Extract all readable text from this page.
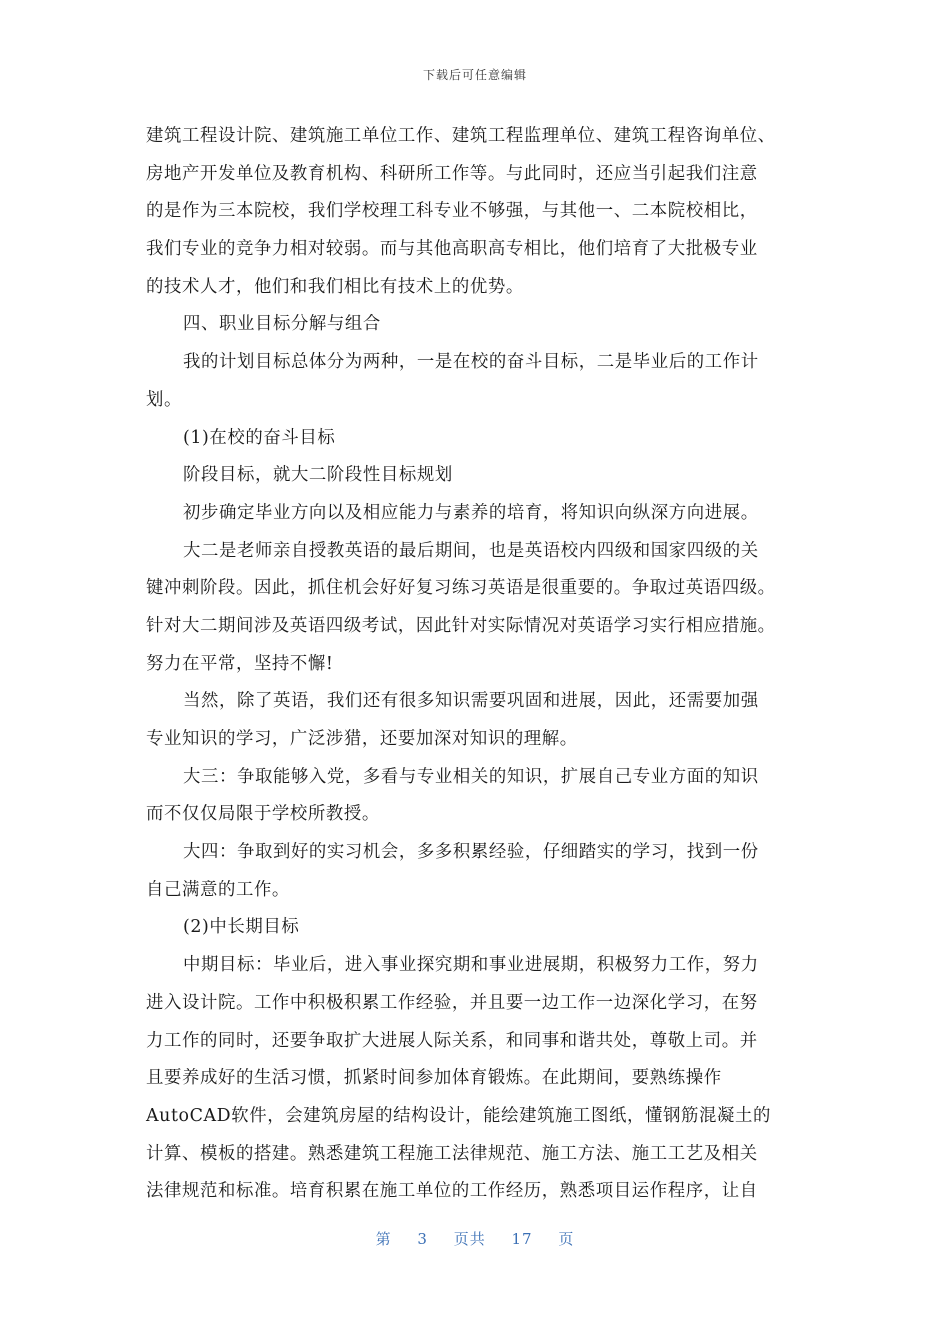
下载后可任意编辑
建筑工程设计院、建筑施工单位工作、建筑工程监理单位、建筑工程咨询单位、
房地产开发单位及教育机构、科研所工作等。与此同时，还应当引起我们注意
的是作为三本院校，我们学校理工科专业不够强，与其他一、二本院校相比，
我们专业的竞争力相对较弱。而与其他高职高专相比，他们培育了大批极专业
的技术人才，他们和我们相比有技术上的优势。
四、职业目标分解与组合
我的计划目标总体分为两种，一是在校的奋斗目标，二是毕业后的工作计
划。
(1)在校的奋斗目标
阶段目标，就大二阶段性目标规划
初步确定毕业方向以及相应能力与素养的培育，将知识向纵深方向进展。
大二是老师亲自授教英语的最后期间，也是英语校内四级和国家四级的关
键冲刺阶段。因此，抓住机会好好复习练习英语是很重要的。争取过英语四级。
针对大二期间涉及英语四级考试，因此针对实际情况对英语学习实行相应措施。
努力在平常，坚持不懈!
当然，除了英语，我们还有很多知识需要巩固和进展，因此，还需要加强
专业知识的学习，广泛涉猎，还要加深对知识的理解。
大三：争取能够入党，多看与专业相关的知识，扩展自己专业方面的知识
而不仅仅局限于学校所教授。
大四：争取到好的实习机会，多多积累经验，仔细踏实的学习，找到一份
自己满意的工作。
(2)中长期目标
中期目标：毕业后，进入事业探究期和事业进展期，积极努力工作，努力
进入设计院。工作中积极积累工作经验，并且要一边工作一边深化学习，在努
力工作的同时，还要争取扩大进展人际关系，和同事和谐共处，尊敬上司。并
且要养成好的生活习惯，抓紧时间参加体育锻炼。在此期间，要熟练操作
AutoCAD软件，会建筑房屋的结构设计，能绘建筑施工图纸，懂钢筋混凝土的
计算、模板的搭建。熟悉建筑工程施工法律规范、施工方法、施工工艺及相关
法律规范和标准。培育积累在施工单位的工作经历，熟悉项目运作程序，让自
第 3 页共 17 页
